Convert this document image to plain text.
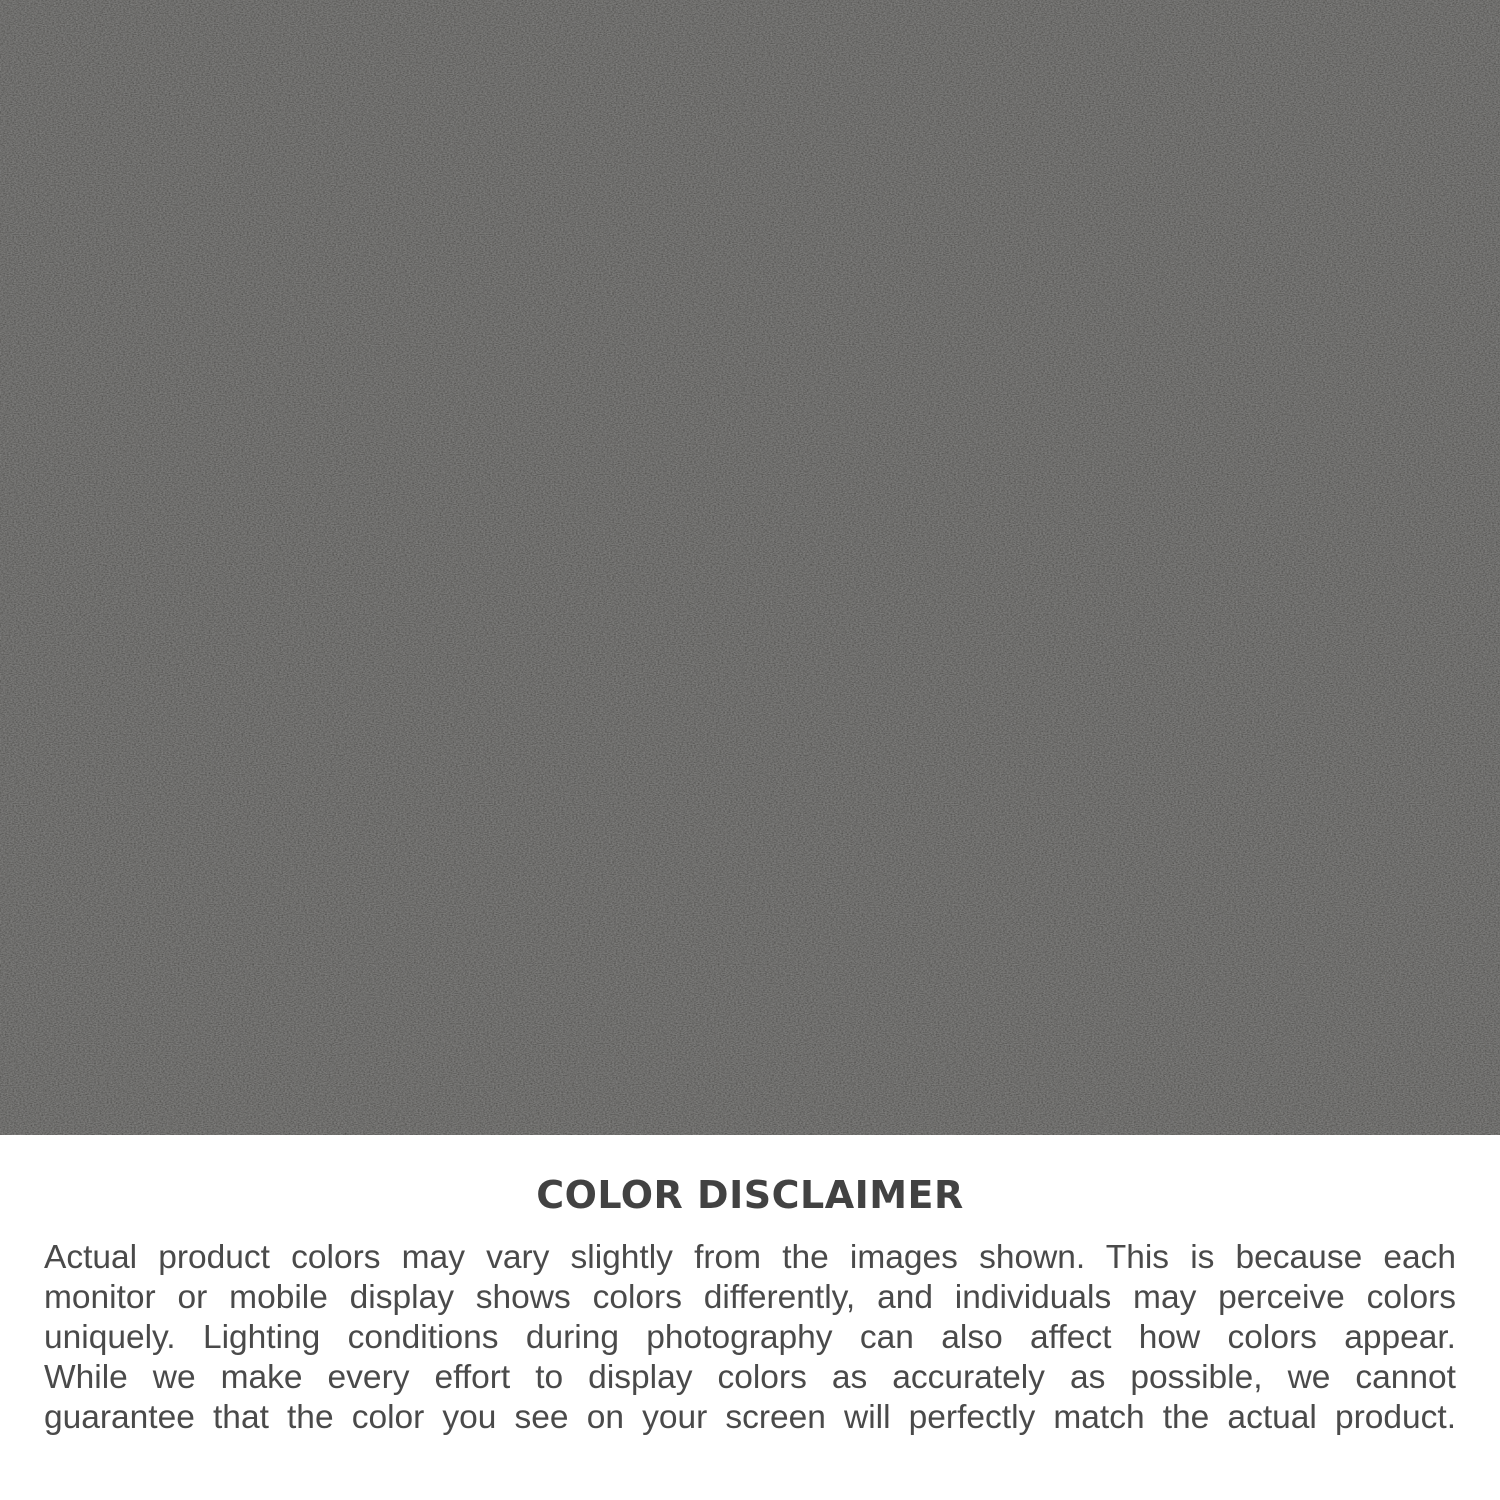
COLOR DISCLAIMER
Actual product colors may vary slightly from the images shown. This is because each
monitor or mobile display shows colors differently, and individuals may perceive colors
uniquely. Lighting conditions during photography can also affect how colors appear.
While we make every effort to display colors as accurately as possible, we cannot
guarantee that the color you see on your screen will perfectly match the actual product.
